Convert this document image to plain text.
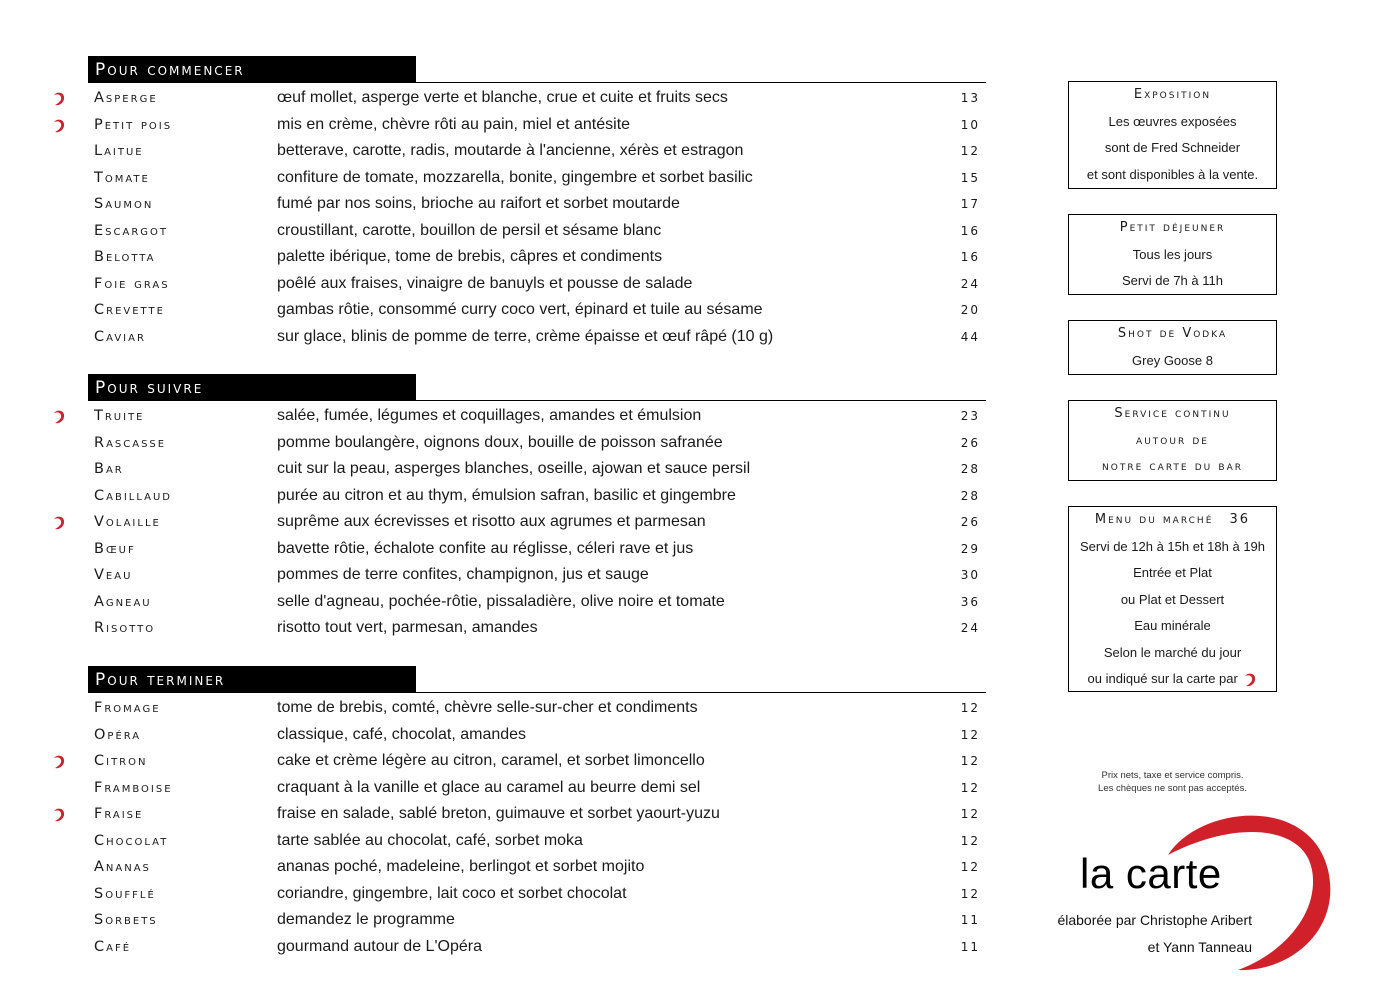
Pour commencer
Asperge	œuf mollet, asperge verte et blanche, crue et cuite et fruits secs	13
Petit pois	mis en crème, chèvre rôti au pain, miel et antésite	10
Laitue	betterave, carotte, radis, moutarde à l'ancienne, xérès et estragon	12
Tomate	confiture de tomate, mozzarella, bonite, gingembre et sorbet basilic	15
Saumon	fumé par nos soins, brioche au raifort et sorbet moutarde	17
Escargot	croustillant, carotte, bouillon de persil et sésame blanc	16
Belotta	palette ibérique, tome de brebis, câpres et condiments	16
Foie gras	poêlé aux fraises, vinaigre de banuyls et pousse de salade	24
Crevette	gambas rôtie, consommé curry coco vert, épinard et tuile au sésame	20
Caviar	sur glace, blinis de pomme de terre, crème épaisse et œuf râpé (10 g)	44
Pour suivre
Truite	salée, fumée, légumes et coquillages, amandes et émulsion	23
Rascasse	pomme boulangère, oignons doux, bouille de poisson safranée	26
Bar	cuit sur la peau, asperges blanches, oseille, ajowan et sauce persil	28
Cabillaud	purée au citron et au thym, émulsion safran, basilic et gingembre	28
Volaille	suprême aux écrevisses et risotto aux agrumes et parmesan	26
Bœuf	bavette rôtie, échalote confite au réglisse, céleri rave et jus	29
Veau	pommes de terre confites, champignon, jus et sauge	30
Agneau	selle d'agneau, pochée-rôtie, pissaladière, olive noire et tomate	36
Risotto	risotto tout vert, parmesan, amandes	24
Pour terminer
Fromage	tome de brebis, comté, chèvre selle-sur-cher et condiments	12
Opéra	classique, café, chocolat, amandes	12
Citron	cake et crème légère au citron, caramel, et sorbet limoncello	12
Framboise	craquant à la vanille et glace au caramel au beurre demi sel	12
Fraise	fraise en salade, sablé breton, guimauve et sorbet yaourt-yuzu	12
Chocolat	tarte sablée au chocolat, café, sorbet moka	12
Ananas	ananas poché, madeleine, berlingot et sorbet mojito	12
Soufflé	coriandre, gingembre, lait coco et sorbet chocolat	12
Sorbets	demandez le programme	11
Café	gourmand autour de L'Opéra	11
Exposition
Les œuvres exposées
sont de Fred Schneider
et sont disponibles à la vente.
Petit déjeuner
Tous les jours
Servi de 7h à 11h
Shot de Vodka
Grey Goose 8
Service continu
autour de
notre carte du bar
Menu du marché 36
Servi de 12h à 15h et 18h à 19h
Entrée et Plat
ou Plat et Dessert
Eau minérale
Selon le marché du jour
ou indiqué sur la carte par
Prix nets, taxe et service compris.
Les chèques ne sont pas acceptés.
la carte
élaborée par Christophe Aribert
et Yann Tanneau
